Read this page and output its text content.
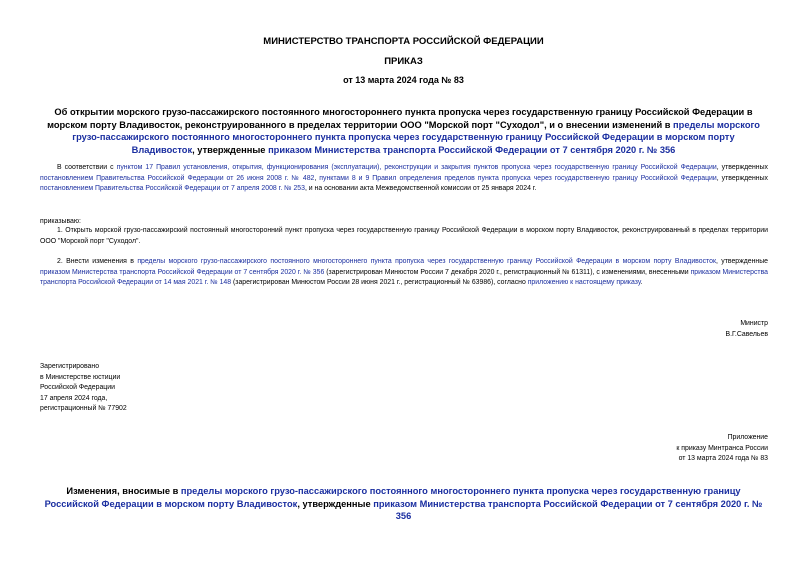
МИНИСТЕРСТВО ТРАНСПОРТА РОССИЙСКОЙ ФЕДЕРАЦИИ
ПРИКАЗ
от 13 марта 2024 года № 83
Об открытии морского грузо-пассажирского постоянного многостороннего пункта пропуска через государственную границу Российской Федерации в морском порту Владивосток, реконструированного в пределах территории ООО "Морской порт "Суходол", и о внесении изменений в пределы морского грузо-пассажирского постоянного многостороннего пункта пропуска через государственную границу Российской Федерации в морском порту Владивосток, утвержденные приказом Министерства транспорта Российской Федерации от 7 сентября 2020 г. № 356
В соответствии с пунктом 17 Правил установления, открытия, функционирования (эксплуатации), реконструкции и закрытия пунктов пропуска через государственную границу Российской Федерации, утвержденных постановлением Правительства Российской Федерации от 26 июня 2008 г. № 482, пунктами 8 и 9 Правил определения пределов пункта пропуска через государственную границу Российской Федерации, утвержденных постановлением Правительства Российской Федерации от 7 апреля 2008 г. № 253, и на основании акта Межведомственной комиссии от 25 января 2024 г.
приказываю:
1. Открыть морской грузо-пассажирский постоянный многосторонний пункт пропуска через государственную границу Российской Федерации в морском порту Владивосток, реконструированный в пределах территории ООО "Морской порт "Суходол".
2. Внести изменения в пределы морского грузо-пассажирского постоянного многостороннего пункта пропуска через государственную границу Российской Федерации в морском порту Владивосток, утвержденные приказом Министерства транспорта Российской Федерации от 7 сентября 2020 г. № 356 (зарегистрирован Минюстом России 7 декабря 2020 г., регистрационный № 61311), с изменениями, внесенными приказом Министерства транспорта Российской Федерации от 14 мая 2021 г. № 148 (зарегистрирован Минюстом России 28 июня 2021 г., регистрационный № 63986), согласно приложению к настоящему приказу.
Министр
В.Г.Савельев
Зарегистрировано
в Министерстве юстиции
Российской Федерации
17 апреля 2024 года,
регистрационный № 77902
Приложение
к приказу Минтранса России
от 13 марта 2024 года № 83
Изменения, вносимые в пределы морского грузо-пассажирского постоянного многостороннего пункта пропуска через государственную границу Российской Федерации в морском порту Владивосток, утвержденные приказом Министерства транспорта Российской Федерации от 7 сентября 2020 г. № 356
